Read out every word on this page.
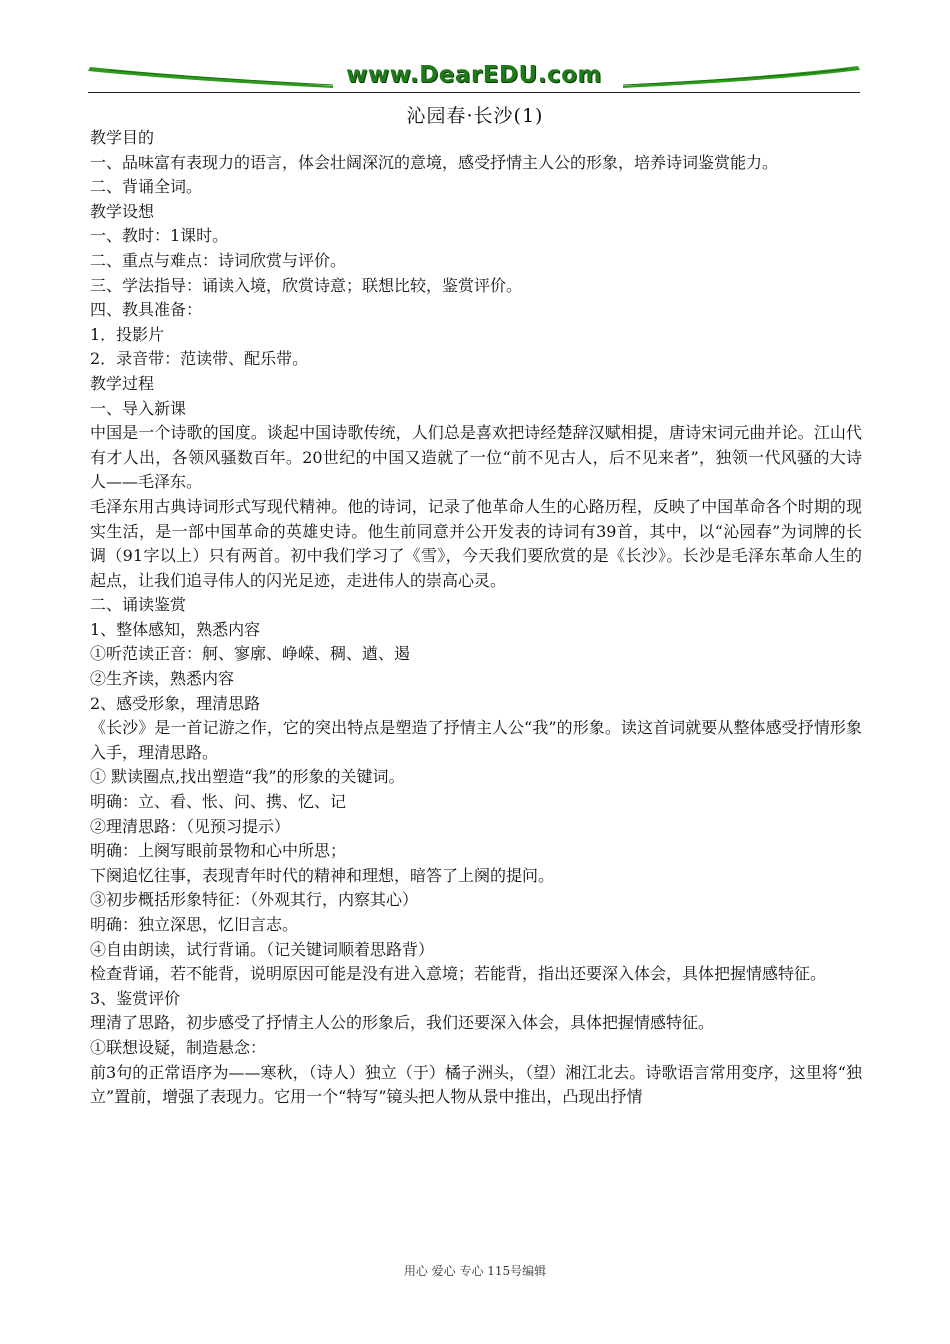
www.DearEDU.com
沁园春·长沙(1)
教学目的
一、品味富有表现力的语言，体会壮阔深沉的意境，感受抒情主人公的形象，培养诗词鉴赏能力。
二、背诵全词。
教学设想
一、教时：1课时。
二、重点与难点：诗词欣赏与评价。
三、学法指导：诵读入境，欣赏诗意；联想比较，鉴赏评价。
四、教具准备：
1．投影片
2．录音带：范读带、配乐带。
教学过程
一、导入新课
中国是一个诗歌的国度。谈起中国诗歌传统，人们总是喜欢把诗经楚辞汉赋相提，唐诗宋词元曲并论。江山代有才人出，各领风骚数百年。20世纪的中国又造就了一位“前不见古人，后不见来者”，独领一代风骚的大诗人——毛泽东。
毛泽东用古典诗词形式写现代精神。他的诗词，记录了他革命人生的心路历程，反映了中国革命各个时期的现实生活，是一部中国革命的英雄史诗。他生前同意并公开发表的诗词有39首，其中，以“沁园春”为词牌的长调（91字以上）只有两首。初中我们学习了《雪》，今天我们要欣赏的是《长沙》。长沙是毛泽东革命人生的起点，让我们追寻伟人的闪光足迹，走进伟人的崇高心灵。
二、诵读鉴赏
1、整体感知，熟悉内容
①听范读正音：舸、寥廓、峥嵘、稠、遒、遏
②生齐读，熟悉内容
2、感受形象，理清思路
《长沙》是一首记游之作，它的突出特点是塑造了抒情主人公“我”的形象。读这首词就要从整体感受抒情形象入手，理清思路。
① 默读圈点,找出塑造“我”的形象的关键词。
明确：立、看、怅、问、携、忆、记
②理清思路：（见预习提示）
明确：上阕写眼前景物和心中所思；
下阕追忆往事，表现青年时代的精神和理想，暗答了上阕的提问。
③初步概括形象特征：（外观其行，内察其心）
明确：独立深思，忆旧言志。
④自由朗读，试行背诵。（记关键词顺着思路背）
检查背诵，若不能背，说明原因可能是没有进入意境；若能背，指出还要深入体会，具体把握情感特征。
3、鉴赏评价
理清了思路，初步感受了抒情主人公的形象后，我们还要深入体会，具体把握情感特征。
①联想设疑，制造悬念：
前3句的正常语序为——寒秋，（诗人）独立（于）橘子洲头，（望）湘江北去。诗歌语言常用变序，这里将“独立”置前，增强了表现力。它用一个“特写”镜头把人物从景中推出，凸现出抒情
用心 爱心 专心 115号编辑
